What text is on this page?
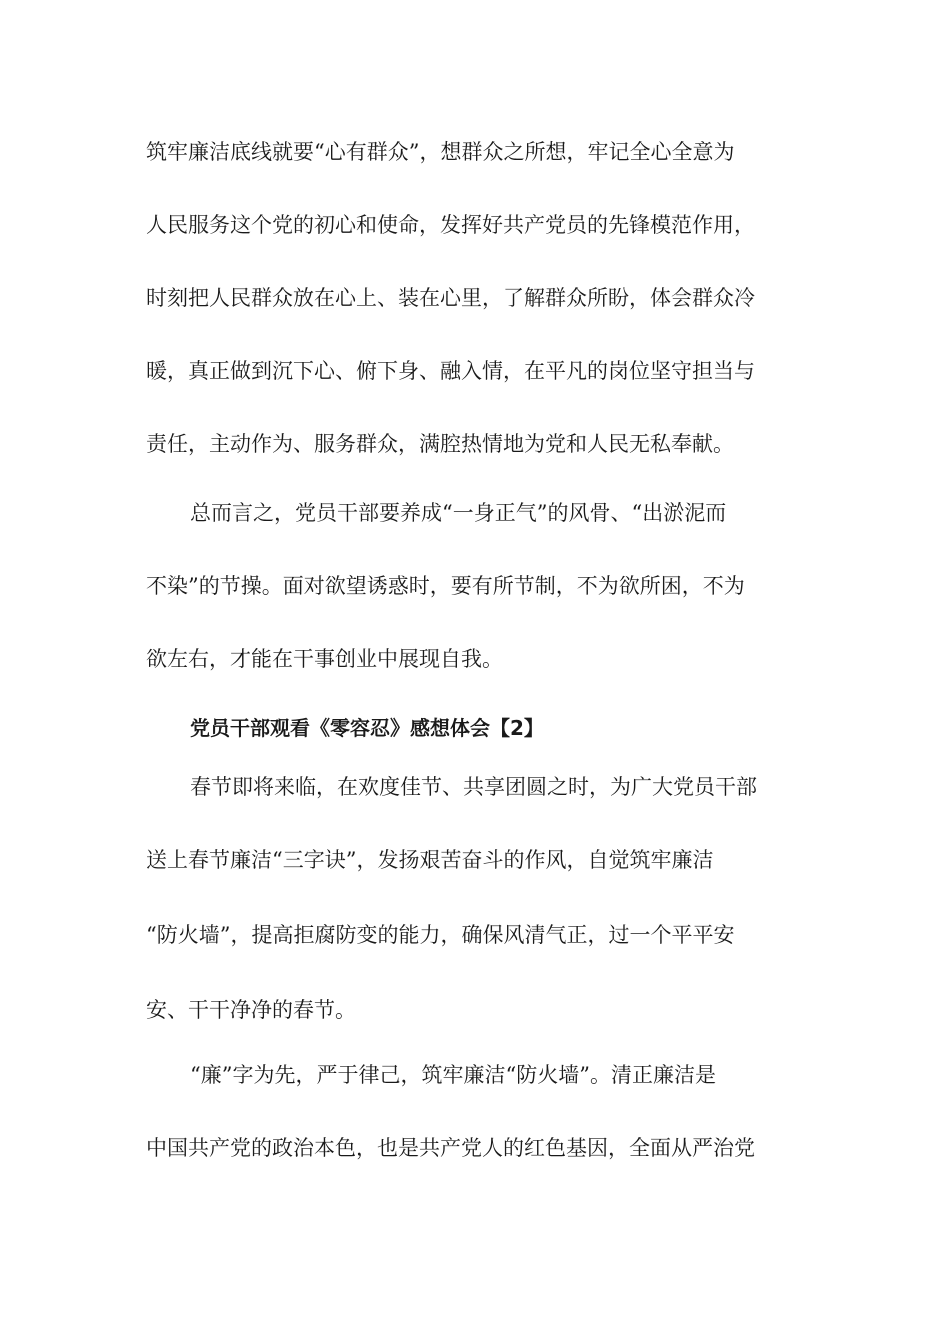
筑牢廉洁底线就要“心有群众”，想群众之所想，牢记全心全意为
人民服务这个党的初心和使命，发挥好共产党员的先锋模范作用，
时刻把人民群众放在心上、装在心里，了解群众所盼，体会群众冷
暖，真正做到沉下心、俯下身、融入情，在平凡的岗位坚守担当与
责任，主动作为、服务群众，满腔热情地为党和人民无私奉献。
总而言之，党员干部要养成“一身正气”的风骨、“出淤泥而
不染”的节操。面对欲望诱惑时，要有所节制，不为欲所困，不为
欲左右，才能在干事创业中展现自我。
党员干部观看《零容忍》感想体会【2】
春节即将来临，在欢度佳节、共享团圆之时，为广大党员干部
送上春节廉洁“三字诀”，发扬艰苦奋斗的作风，自觉筑牢廉洁
“防火墙”，提高拒腐防变的能力，确保风清气正，过一个平平安
安、干干净净的春节。
“廉”字为先，严于律己，筑牢廉洁“防火墙”。清正廉洁是
中国共产党的政治本色，也是共产党人的红色基因，全面从严治党
